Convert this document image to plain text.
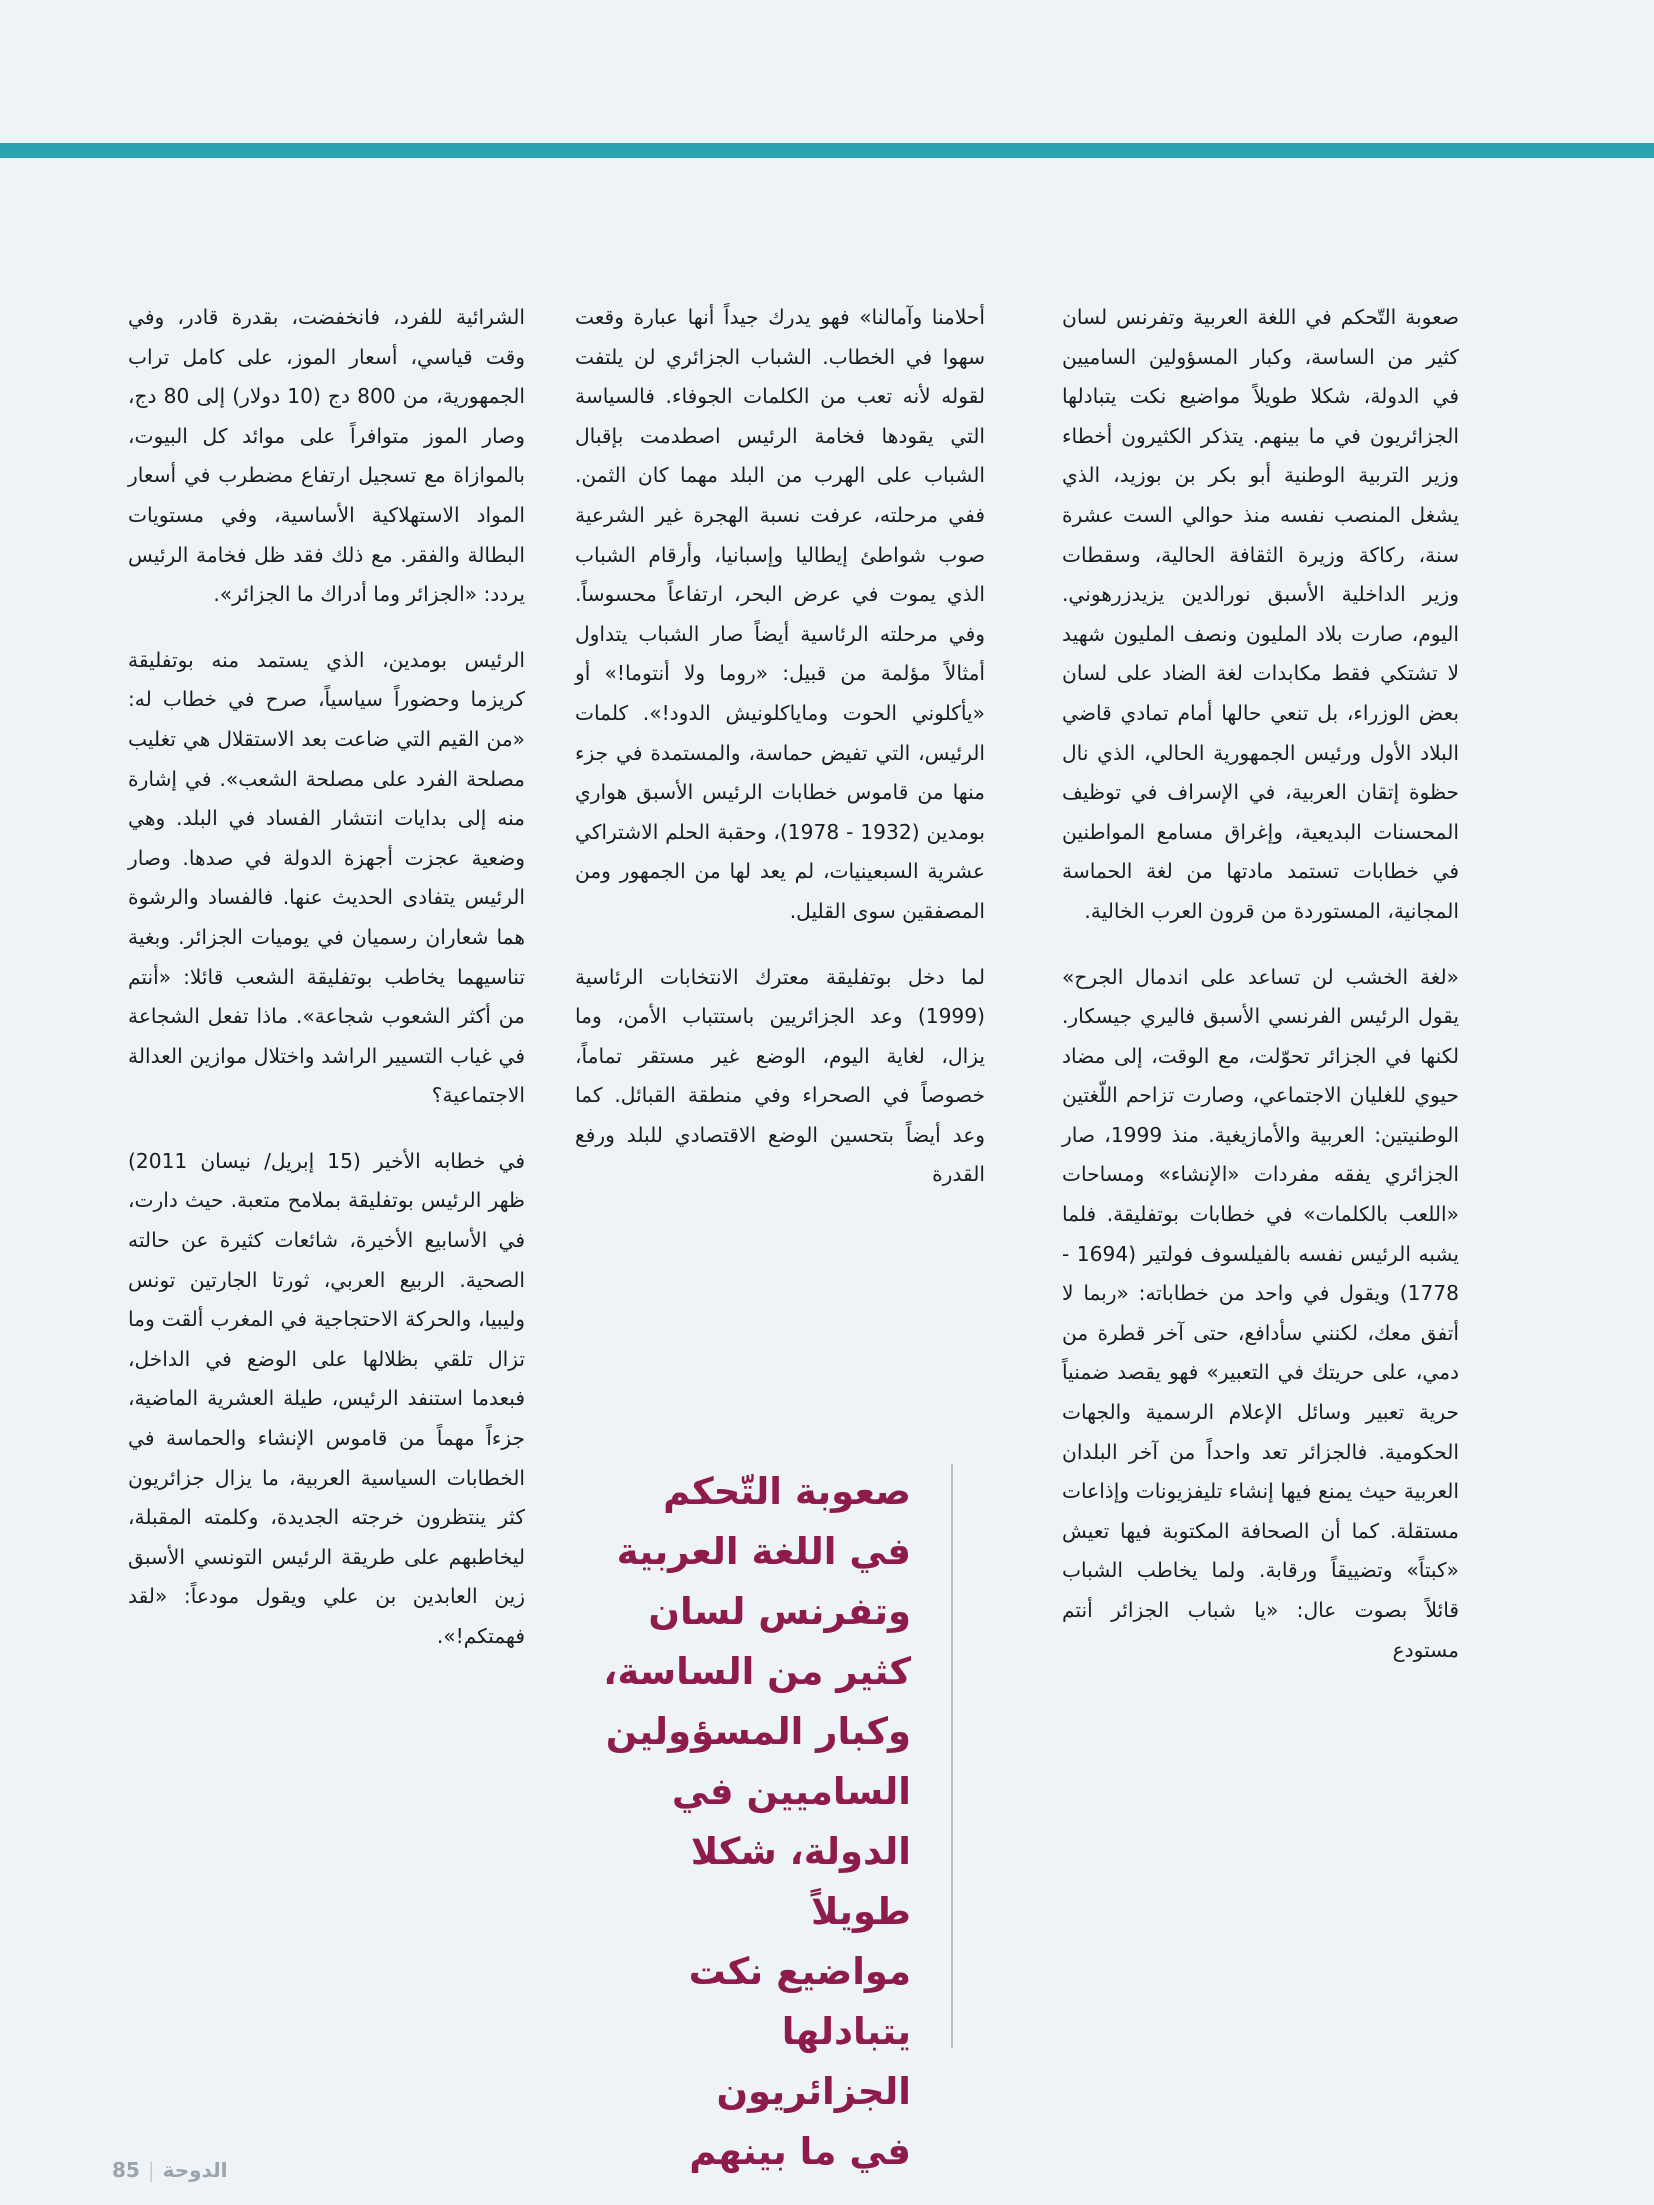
صعوبة التّحكم في اللغة العربية وتفرنس لسان كثير من الساسة، وكبار المسؤولين الساميين في الدولة، شكلا طويلاً مواضيع نكت يتبادلها الجزائريون في ما بينهم. يتذكر الكثيرون أخطاء وزير التربية الوطنية أبو بكر بن بوزيد، الذي يشغل المنصب نفسه منذ حوالي الست عشرة سنة، ركاكة وزيرة الثقافة الحالية، وسقطات وزير الداخلية الأسبق نورالدين يزيدزرهوني. اليوم، صارت بلاد المليون ونصف المليون شهيد لا تشتكي فقط مكابدات لغة الضاد على لسان بعض الوزراء، بل تنعي حالها أمام تمادي قاضي البلاد الأول ورئيس الجمهورية الحالي، الذي نال حظوة إتقان العربية، في الإسراف في توظيف المحسنات البديعية، وإغراق مسامع المواطنين في خطابات تستمد مادتها من لغة الحماسة المجانية، المستوردة من قرون العرب الخالية.

«لغة الخشب لن تساعد على اندمال الجرح» يقول الرئيس الفرنسي الأسبق فاليري جيسكار. لكنها في الجزائر تحوّلت، مع الوقت، إلى مضاد حيوي للغليان الاجتماعي، وصارت تزاحم اللّغتين الوطنيتين: العربية والأمازيغية. منذ 1999، صار الجزائري يفقه مفردات «الإنشاء» ومساحات «اللعب بالكلمات» في خطابات بوتفليقة. فلما يشبه الرئيس نفسه بالفيلسوف فولتير (1694 - 1778) ويقول في واحد من خطاباته: «ربما لا أتفق معك، لكنني سأدافع، حتى آخر قطرة من دمي، على حريتك في التعبير» فهو يقصد ضمنياً حرية تعبير وسائل الإعلام الرسمية والجهات الحكومية. فالجزائر تعد واحداً من آخر البلدان العربية حيث يمنع فيها إنشاء تليفزيونات وإذاعات مستقلة. كما أن الصحافة المكتوبة فيها تعيش «كبتاً» وتضييقاً ورقابة. ولما يخاطب الشباب قائلاً بصوت عال: «يا شباب الجزائر أنتم مستودع

أحلامنا وآمالنا» فهو يدرك جيداً أنها عبارة وقعت سهوا في الخطاب. الشباب الجزائري لن يلتفت لقوله لأنه تعب من الكلمات الجوفاء. فالسياسة التي يقودها فخامة الرئيس اصطدمت بإقبال الشباب على الهرب من البلد مهما كان الثمن. ففي مرحلته، عرفت نسبة الهجرة غير الشرعية صوب شواطئ إيطاليا وإسبانيا، وأرقام الشباب الذي يموت في عرض البحر، ارتفاعاً محسوساً. وفي مرحلته الرئاسية أيضاً صار الشباب يتداول أمثالاً مؤلمة من قبيل: «روما ولا أنتوما!» أو «يأكلوني الحوت وماياكلونيش الدود!». كلمات الرئيس، التي تفيض حماسة، والمستمدة في جزء منها من قاموس خطابات الرئيس الأسبق هواري بومدين (1932 - 1978)، وحقبة الحلم الاشتراكي عشرية السبعينيات، لم يعد لها من الجمهور ومن المصفقين سوى القليل.

لما دخل بوتفليقة معترك الانتخابات الرئاسية (1999) وعد الجزائريين باستتباب الأمن، وما يزال، لغاية اليوم، الوضع غير مستقر تماماً، خصوصاً في الصحراء وفي منطقة القبائل. كما وعد أيضاً بتحسين الوضع الاقتصادي للبلد ورفع القدرة

الشرائية للفرد، فانخفضت، بقدرة قادر، وفي وقت قياسي، أسعار الموز، على كامل تراب الجمهورية، من 800 دج (10 دولار) إلى 80 دج، وصار الموز متوافراً على موائد كل البيوت، بالموازاة مع تسجيل ارتفاع مضطرب في أسعار المواد الاستهلاكية الأساسية، وفي مستويات البطالة والفقر. مع ذلك فقد ظل فخامة الرئيس يردد: «الجزائر وما أدراك ما الجزائر».

الرئيس بومدين، الذي يستمد منه بوتفليقة كريزما وحضوراً سياسياً، صرح في خطاب له: «من القيم التي ضاعت بعد الاستقلال هي تغليب مصلحة الفرد على مصلحة الشعب». في إشارة منه إلى بدايات انتشار الفساد في البلد. وهي وضعية عجزت أجهزة الدولة في صدها. وصار الرئيس يتفادى الحديث عنها. فالفساد والرشوة هما شعاران رسميان في يوميات الجزائر. وبغية تناسيهما يخاطب بوتفليقة الشعب قائلا: «أنتم من أكثر الشعوب شجاعة». ماذا تفعل الشجاعة في غياب التسيير الراشد واختلال موازين العدالة الاجتماعية؟

في خطابه الأخير (15 إبريل/ نيسان 2011) ظهر الرئيس بوتفليقة بملامح متعبة. حيث دارت، في الأسابيع الأخيرة، شائعات كثيرة عن حالته الصحية. الربيع العربي، ثورتا الجارتين تونس وليبيا، والحركة الاحتجاجية في المغرب ألقت وما تزال تلقي بظلالها على الوضع في الداخل، فبعدما استنفد الرئيس، طيلة العشرية الماضية، جزءاً مهماً من قاموس الإنشاء والحماسة في الخطابات السياسية العربية، ما يزال جزائريون كثر ينتظرون خرجته الجديدة، وكلمته المقبلة، ليخاطبهم على طريقة الرئيس التونسي الأسبق زين العابدين بن علي ويقول مودعاً: «لقد فهمتكم!».

صعوبة التّحكم
في اللغة العربية
وتفرنس لسان
كثير من الساسة،
وكبار المسؤولين
الساميين في
الدولة، شكلا طويلاً
مواضيع نكت
يتبادلها الجزائريون
في ما بينهم
85 | الدوحة
